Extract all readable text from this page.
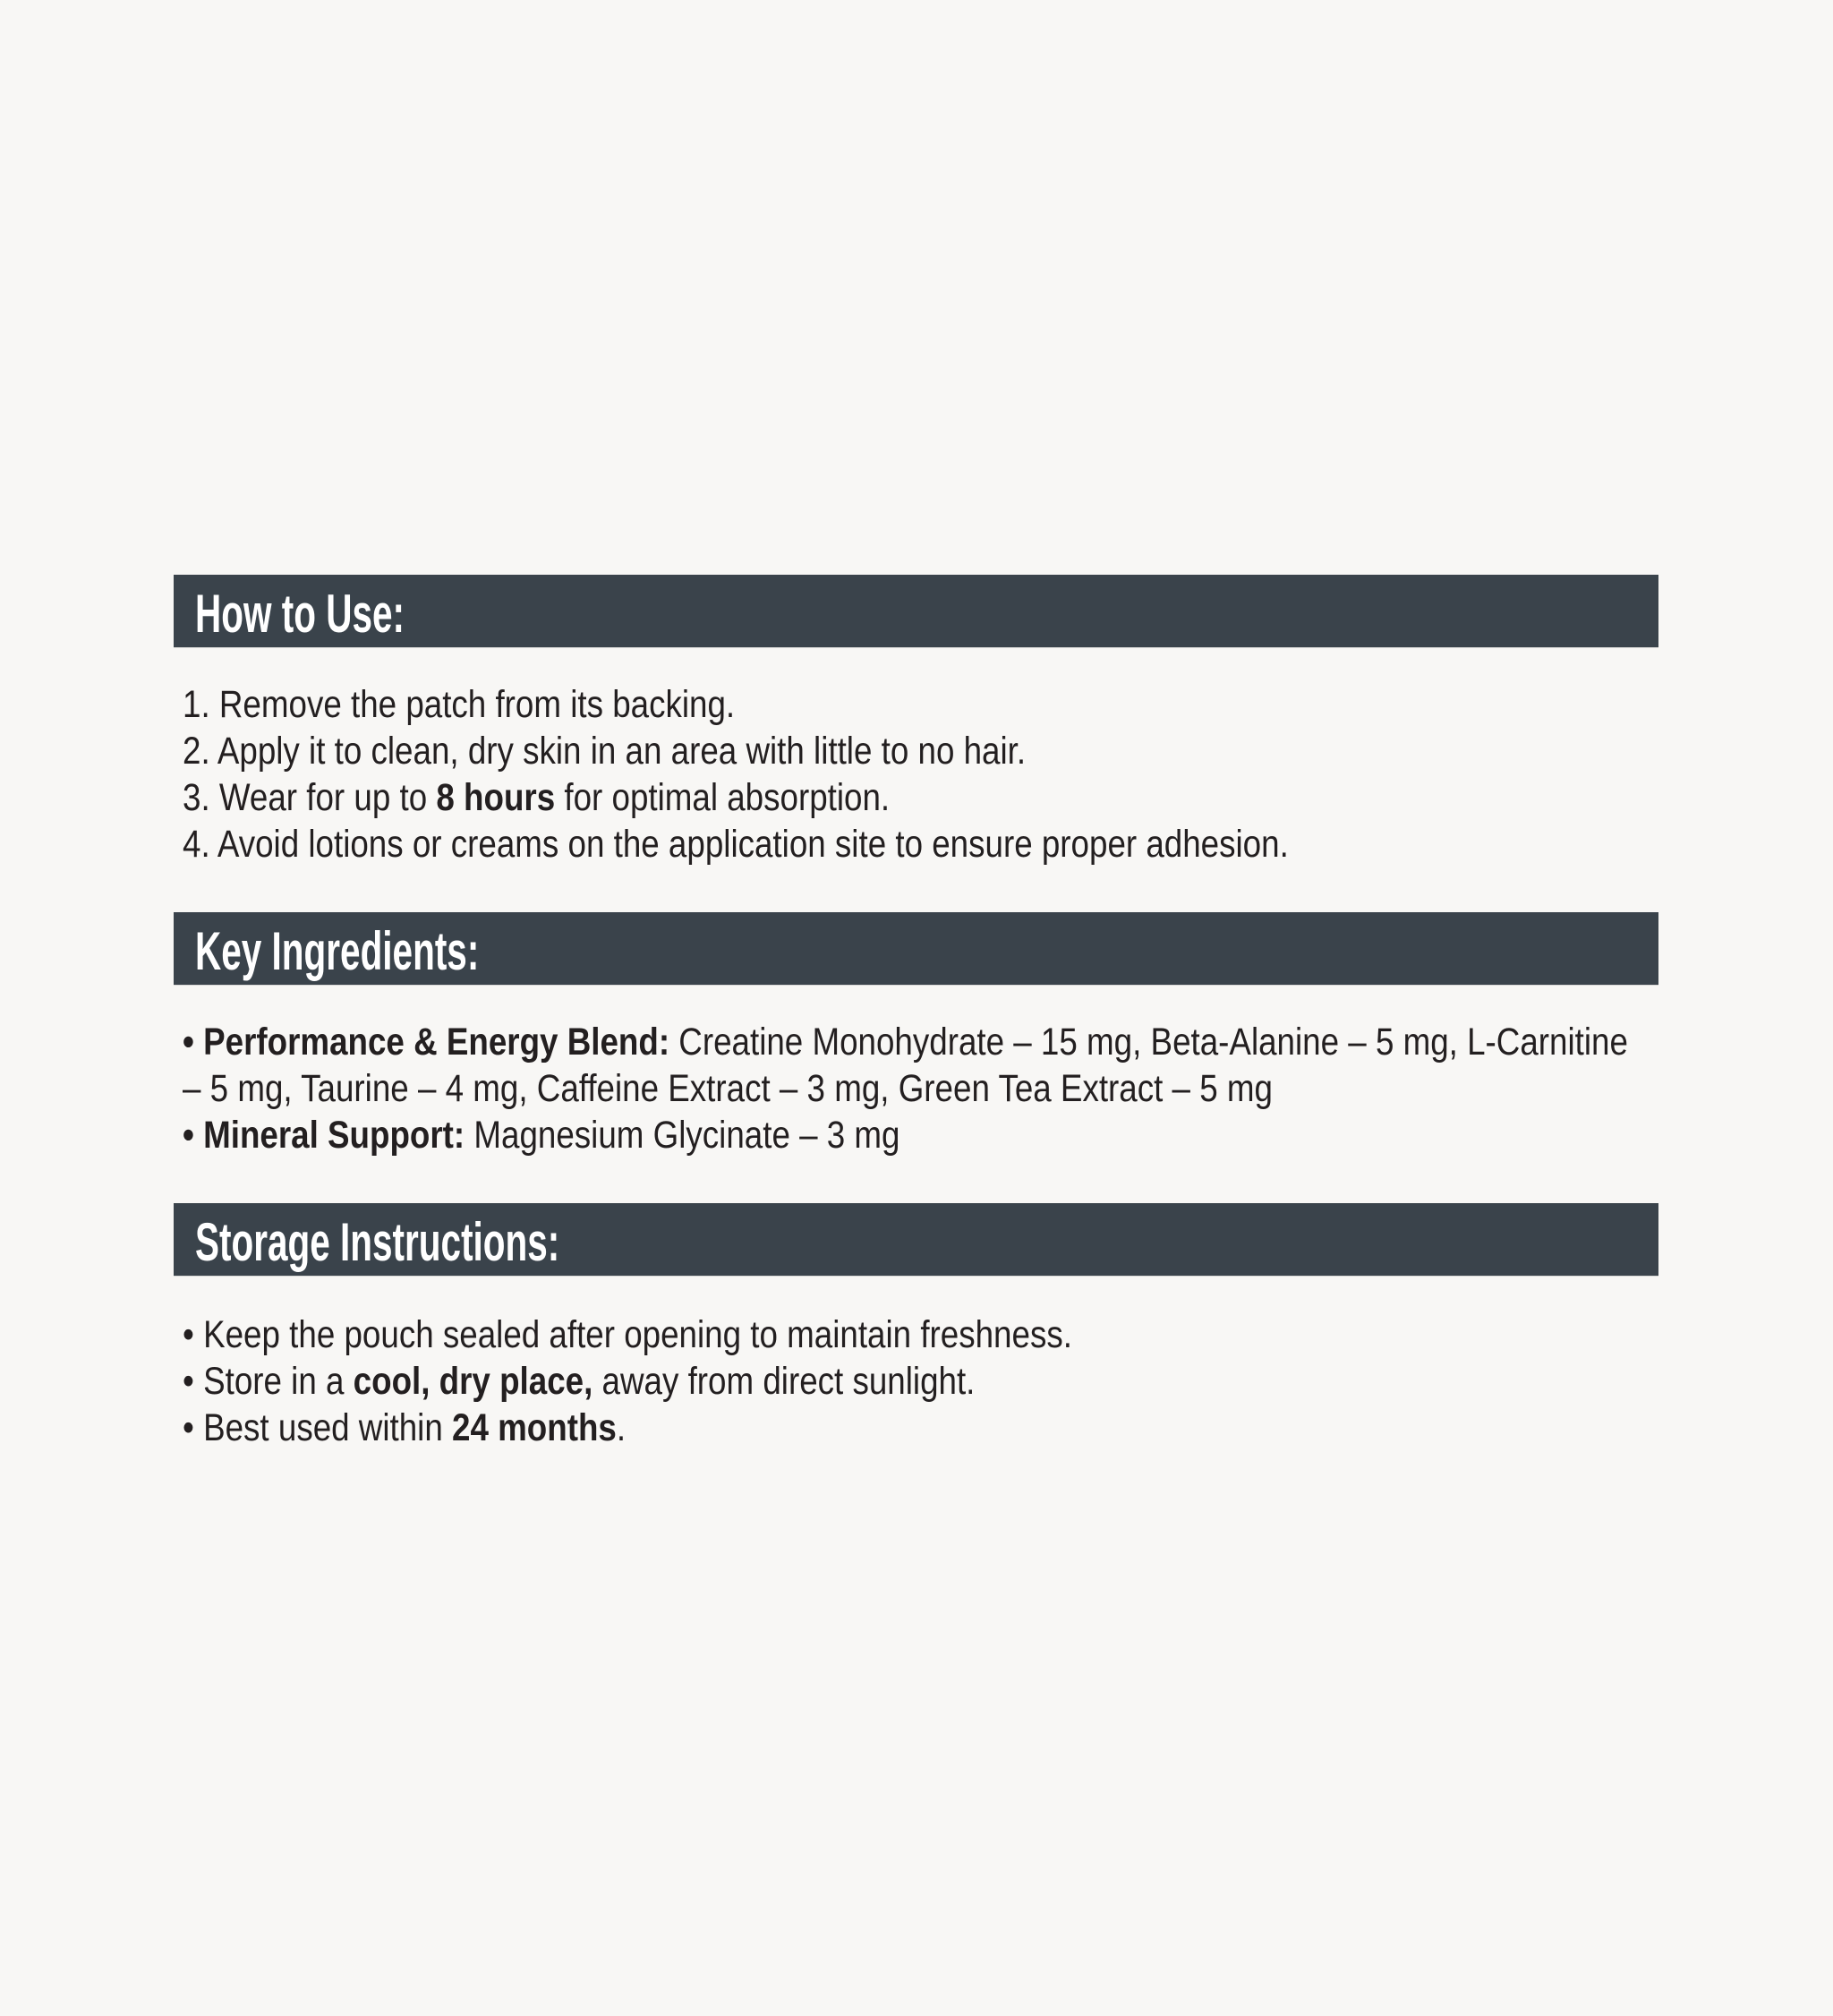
How to Use:
1. Remove the patch from its backing.
2. Apply it to clean, dry skin in an area with little to no hair.
3. Wear for up to 8 hours for optimal absorption.
4. Avoid lotions or creams on the application site to ensure proper adhesion.
Key Ingredients:
• Performance & Energy Blend: Creatine Monohydrate – 15 mg, Beta-Alanine – 5 mg, L-Carnitine
– 5 mg, Taurine – 4 mg, Caffeine Extract – 3 mg, Green Tea Extract – 5 mg
• Mineral Support: Magnesium Glycinate – 3 mg
Storage Instructions:
• Keep the pouch sealed after opening to maintain freshness.
• Store in a cool, dry place, away from direct sunlight.
• Best used within 24 months.
